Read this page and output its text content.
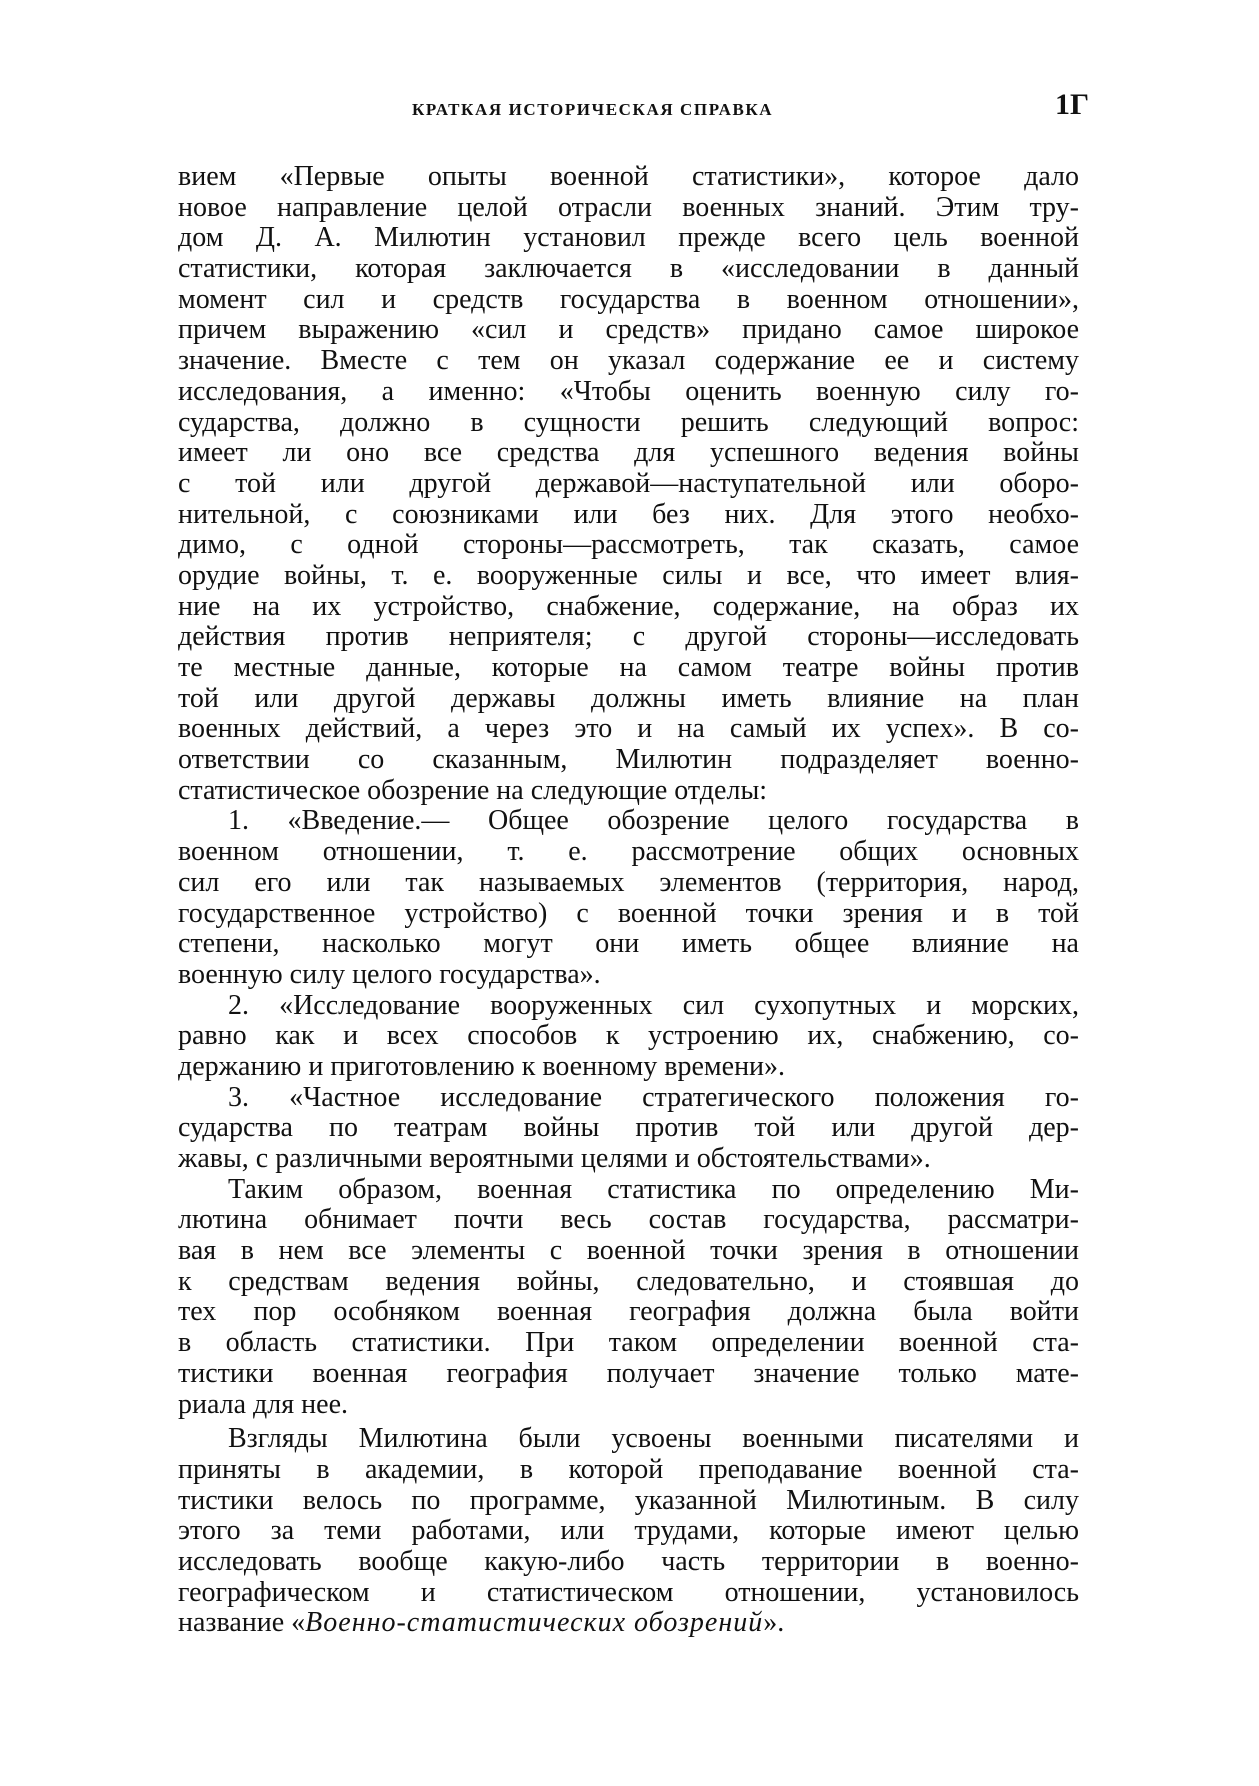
КРАТКАЯ ИСТОРИЧЕСКАЯ СПРАВКА	1Г
вием «Первые опыты военной статистики», которое дало
новое направление целой отрасли военных знаний. Этим тру-
дом Д. А. Милютин установил прежде всего цель военной
статистики, которая заключается в «исследовании в данный
момент сил и средств государства в военном отношении»,
причем выражению «сил и средств» придано самое широкое
значение. Вместе с тем он указал содержание ее и систему
исследования, а именно: «Чтобы оценить военную силу го-
сударства, должно в сущности решить следующий вопрос:
имеет ли оно все средства для успешного ведения войны
с той или другой державой—наступательной или оборо-
нительной, с союзниками или без них. Для этого необхо-
димо, с одной стороны—рассмотреть, так сказать, самое
орудие войны, т. е. вооруженные силы и все, что имеет влия-
ние на их устройство, снабжение, содержание, на образ их
действия против неприятеля; с другой стороны—исследовать
те местные данные, которые на самом театре войны против
той или другой державы должны иметь влияние на план
военных действий, а через это и на самый их успех». В со-
ответствии со сказанным, Милютин подразделяет военно-
статистическое обозрение на следующие отделы:
1. «Введение.— Общее обозрение целого государства в
военном отношении, т. е. рассмотрение общих основных
сил его или так называемых элементов (территория, народ,
государственное устройство) с военной точки зрения и в той
степени, насколько могут они иметь общее влияние на
военную силу целого государства».
2. «Исследование вооруженных сил сухопутных и морских,
равно как и всех способов к устроению их, снабжению, со-
держанию и приготовлению к военному времени».
3. «Частное исследование стратегического положения го-
сударства по театрам войны против той или другой дер-
жавы, с различными вероятными целями и обстоятельствами».
Таким образом, военная статистика по определению Ми-
лютина обнимает почти весь состав государства, рассматри-
вая в нем все элементы с военной точки зрения в отношении
к средствам ведения войны, следовательно, и стоявшая до
тех пор особняком военная география должна была войти
в область статистики. При таком определении военной ста-
тистики военная география получает значение только мате-
риала для нее.
Взгляды Милютина были усвоены военными писателями и
приняты в академии, в которой преподавание военной ста-
тистики велось по программе, указанной Милютиным. В силу
этого за теми работами, или трудами, которые имеют целью
исследовать вообще какую-либо часть территории в военно-
географическом и статистическом отношении, установилось
название «Военно-статистических обозрений».
